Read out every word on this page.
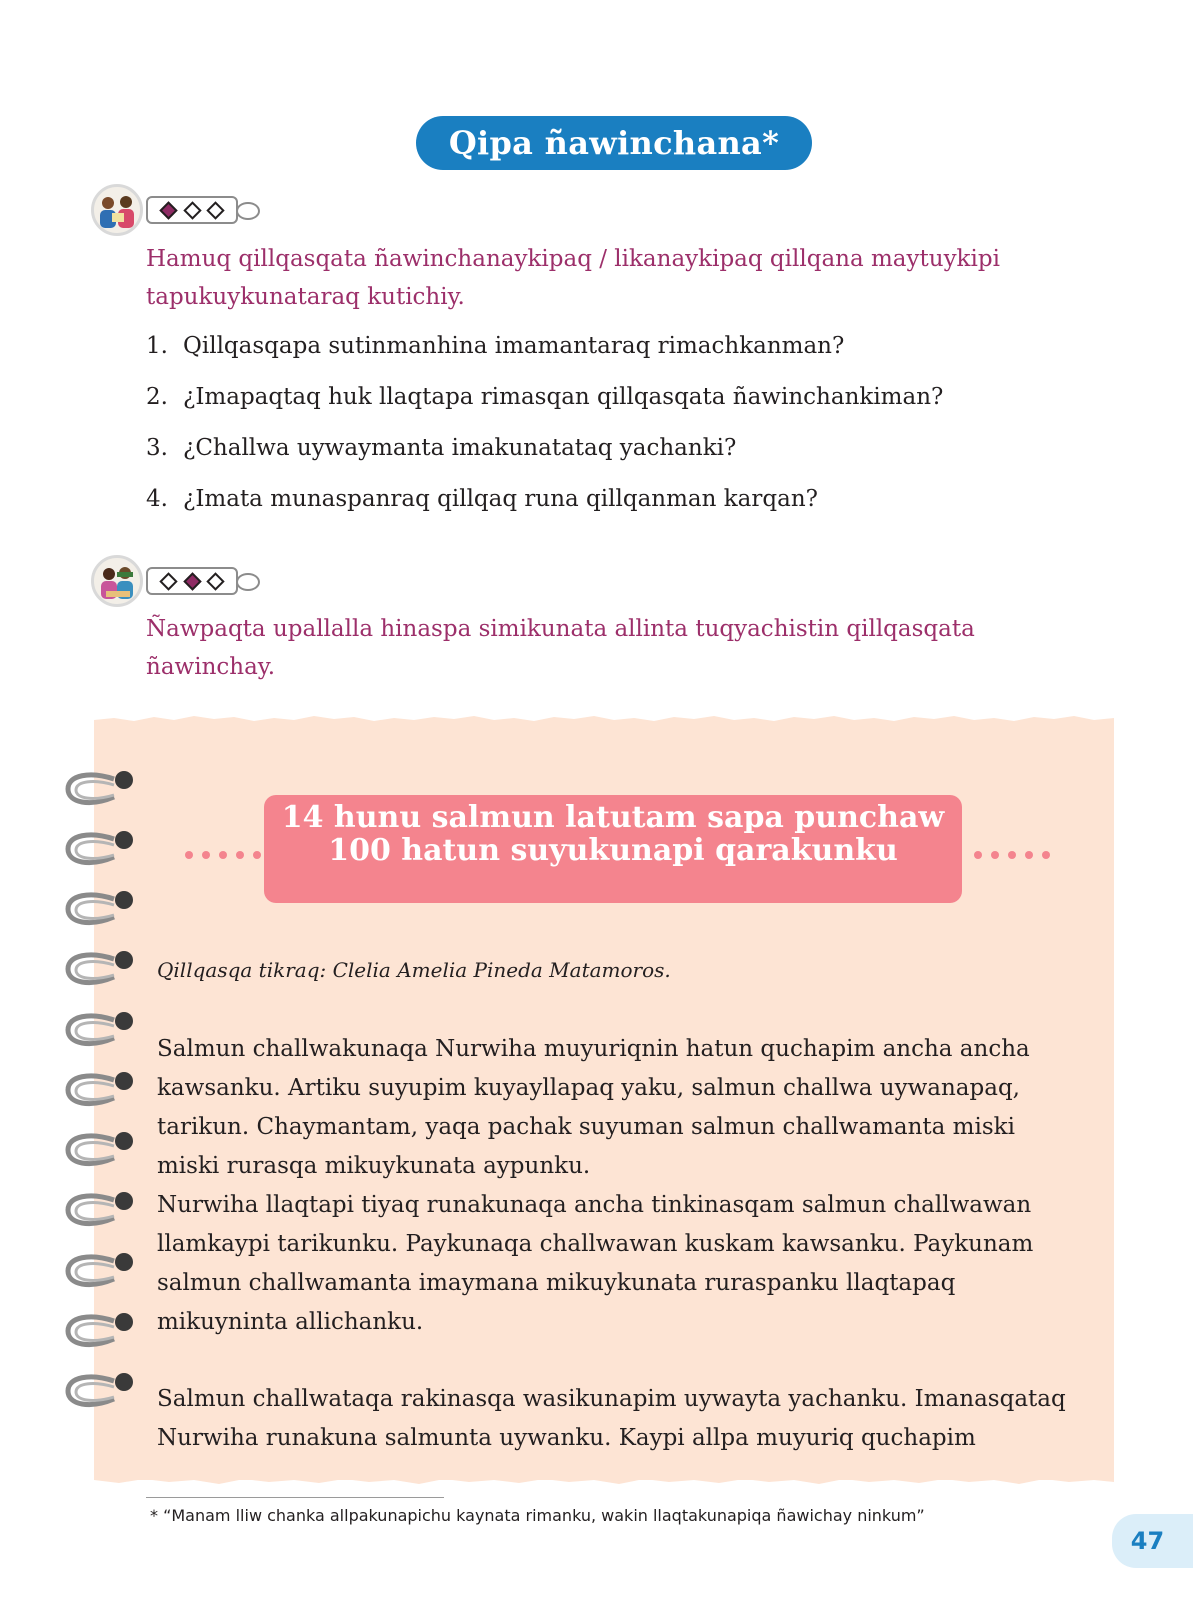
Qipa ñawinchana*
Hamuq qillqasqata ñawinchanaykipaq / likanaykipaq qillqana maytuykipi tapukuykunataraq kutichiy.
1. Qillqasqapa sutinmanhina imamantaraq rimachkanman?
2. ¿Imapaqtaq huk llaqtapa rimasqan qillqasqata ñawinchankiman?
3. ¿Challwa uywaymanta imakunatataq yachanki?
4. ¿Imata munaspanraq qillqaq runa qillqanman karqan?
Ñawpaqta upallalla hinaspa simikunata allinta tuqyachistin qillqasqata ñawinchay.
14 hunu salmun latutam sapa punchaw
100 hatun suyukunapi qarakunku
Qillqasqa tikraq: Clelia Amelia Pineda Matamoros.

Salmun challwakunaqa Nurwiha muyuriqnin hatun quchapim ancha ancha kawsanku. Artiku suyupim kuyayllapaq yaku, salmun challwa uywanapaq, tarikun. Chaymantam, yaqa pachak suyuman salmun challwamanta miski miski rurasqa mikuykunata aypunku.

Nurwiha llaqtapi tiyaq runakunaqa ancha tinkinasqam salmun challwawan llamkaypi tarikunku. Paykunaqa challwawan kuskam kawsanku. Paykunam salmun challwamanta imaymana mikuykunata ruraspanku llaqtapaq mikuyninta allichanku.

Salmun challwataqa rakinasqa wasikunapim uywayta yachanku. Imanasqataq Nurwiha runakuna salmunta uywanku. Kaypi allpa muyuriq quchapim

* “Manam lliw chanka allpakunapichu kaynata rimanku, wakin llaqtakunapiqa ñawichay ninkum”
47
